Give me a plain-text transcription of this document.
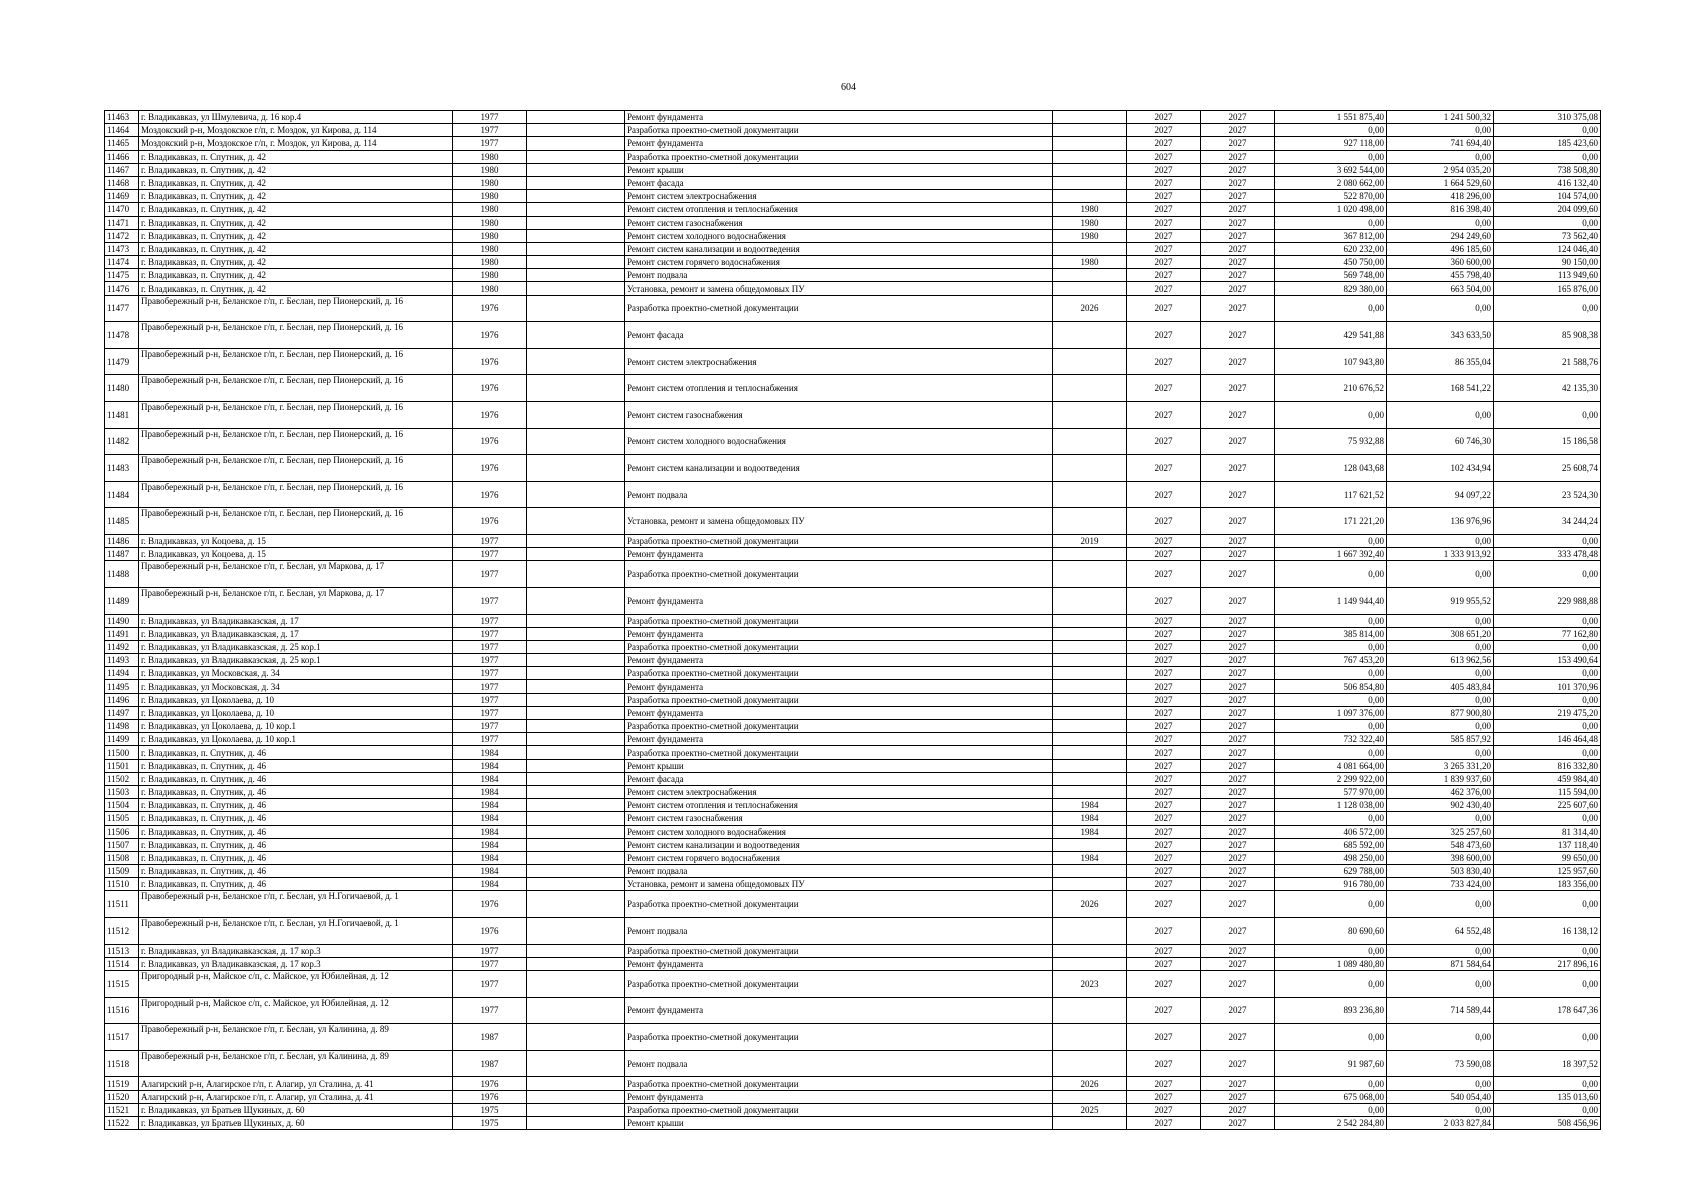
604
11463	г. Владикавказ, ул Шмулевича, д. 16 кор.4	1977		Ремонт фундамента		2027	2027	1 551 875,40	1 241 500,32	310 375,08
11464	Моздокский р-н, Моздокское г/п, г. Моздок, ул Кирова, д. 114	1977		Разработка проектно-сметной документации		2027	2027	0,00	0,00	0,00
11465	Моздокский р-н, Моздокское г/п, г. Моздок, ул Кирова, д. 114	1977		Ремонт фундамента		2027	2027	927 118,00	741 694,40	185 423,60
11466	г. Владикавказ, п. Спутник, д. 42	1980		Разработка проектно-сметной документации		2027	2027	0,00	0,00	0,00
11467	г. Владикавказ, п. Спутник, д. 42	1980		Ремонт крыши		2027	2027	3 692 544,00	2 954 035,20	738 508,80
11468	г. Владикавказ, п. Спутник, д. 42	1980		Ремонт фасада		2027	2027	2 080 662,00	1 664 529,60	416 132,40
11469	г. Владикавказ, п. Спутник, д. 42	1980		Ремонт систем электроснабжения		2027	2027	522 870,00	418 296,00	104 574,00
11470	г. Владикавказ, п. Спутник, д. 42	1980		Ремонт систем отопления и теплоснабжения	1980	2027	2027	1 020 498,00	816 398,40	204 099,60
11471	г. Владикавказ, п. Спутник, д. 42	1980		Ремонт систем газоснабжения	1980	2027	2027	0,00	0,00	0,00
11472	г. Владикавказ, п. Спутник, д. 42	1980		Ремонт систем холодного водоснабжения	1980	2027	2027	367 812,00	294 249,60	73 562,40
11473	г. Владикавказ, п. Спутник, д. 42	1980		Ремонт систем канализации и водоотведения		2027	2027	620 232,00	496 185,60	124 046,40
11474	г. Владикавказ, п. Спутник, д. 42	1980		Ремонт систем горячего водоснабжения	1980	2027	2027	450 750,00	360 600,00	90 150,00
11475	г. Владикавказ, п. Спутник, д. 42	1980		Ремонт подвала		2027	2027	569 748,00	455 798,40	113 949,60
11476	г. Владикавказ, п. Спутник, д. 42	1980		Установка, ремонт и замена общедомовых ПУ		2027	2027	829 380,00	663 504,00	165 876,00
11477	Правобережный р-н, Беланское г/п, г. Беслан, пер Пионерский, д. 16	1976		Разработка проектно-сметной документации	2026	2027	2027	0,00	0,00	0,00
11478	Правобережный р-н, Беланское г/п, г. Беслан, пер Пионерский, д. 16	1976		Ремонт фасада		2027	2027	429 541,88	343 633,50	85 908,38
11479	Правобережный р-н, Беланское г/п, г. Беслан, пер Пионерский, д. 16	1976		Ремонт систем электроснабжения		2027	2027	107 943,80	86 355,04	21 588,76
11480	Правобережный р-н, Беланское г/п, г. Беслан, пер Пионерский, д. 16	1976		Ремонт систем отопления и теплоснабжения		2027	2027	210 676,52	168 541,22	42 135,30
11481	Правобережный р-н, Беланское г/п, г. Беслан, пер Пионерский, д. 16	1976		Ремонт систем газоснабжения		2027	2027	0,00	0,00	0,00
11482	Правобережный р-н, Беланское г/п, г. Беслан, пер Пионерский, д. 16	1976		Ремонт систем холодного водоснабжения		2027	2027	75 932,88	60 746,30	15 186,58
11483	Правобережный р-н, Беланское г/п, г. Беслан, пер Пионерский, д. 16	1976		Ремонт систем канализации и водоотведения		2027	2027	128 043,68	102 434,94	25 608,74
11484	Правобережный р-н, Беланское г/п, г. Беслан, пер Пионерский, д. 16	1976		Ремонт подвала		2027	2027	117 621,52	94 097,22	23 524,30
11485	Правобережный р-н, Беланское г/п, г. Беслан, пер Пионерский, д. 16	1976		Установка, ремонт и замена общедомовых ПУ		2027	2027	171 221,20	136 976,96	34 244,24
11486	г. Владикавказ, ул Коцоева, д. 15	1977		Разработка проектно-сметной документации	2019	2027	2027	0,00	0,00	0,00
11487	г. Владикавказ, ул Коцоева, д. 15	1977		Ремонт фундамента		2027	2027	1 667 392,40	1 333 913,92	333 478,48
11488	Правобережный р-н, Беланское г/п, г. Беслан, ул Маркова, д. 17	1977		Разработка проектно-сметной документации		2027	2027	0,00	0,00	0,00
11489	Правобережный р-н, Беланское г/п, г. Беслан, ул Маркова, д. 17	1977		Ремонт фундамента		2027	2027	1 149 944,40	919 955,52	229 988,88
11490	г. Владикавказ, ул Владикавказская, д. 17	1977		Разработка проектно-сметной документации		2027	2027	0,00	0,00	0,00
11491	г. Владикавказ, ул Владикавказская, д. 17	1977		Ремонт фундамента		2027	2027	385 814,00	308 651,20	77 162,80
11492	г. Владикавказ, ул Владикавказская, д. 25 кор.1	1977		Разработка проектно-сметной документации		2027	2027	0,00	0,00	0,00
11493	г. Владикавказ, ул Владикавказская, д. 25 кор.1	1977		Ремонт фундамента		2027	2027	767 453,20	613 962,56	153 490,64
11494	г. Владикавказ, ул Московская, д. 34	1977		Разработка проектно-сметной документации		2027	2027	0,00	0,00	0,00
11495	г. Владикавказ, ул Московская, д. 34	1977		Ремонт фундамента		2027	2027	506 854,80	405 483,84	101 370,96
11496	г. Владикавказ, ул Цоколаева, д. 10	1977		Разработка проектно-сметной документации		2027	2027	0,00	0,00	0,00
11497	г. Владикавказ, ул Цоколаева, д. 10	1977		Ремонт фундамента		2027	2027	1 097 376,00	877 900,80	219 475,20
11498	г. Владикавказ, ул Цоколаева, д. 10 кор.1	1977		Разработка проектно-сметной документации		2027	2027	0,00	0,00	0,00
11499	г. Владикавказ, ул Цоколаева, д. 10 кор.1	1977		Ремонт фундамента		2027	2027	732 322,40	585 857,92	146 464,48
11500	г. Владикавказ, п. Спутник, д. 46	1984		Разработка проектно-сметной документации		2027	2027	0,00	0,00	0,00
11501	г. Владикавказ, п. Спутник, д. 46	1984		Ремонт крыши		2027	2027	4 081 664,00	3 265 331,20	816 332,80
11502	г. Владикавказ, п. Спутник, д. 46	1984		Ремонт фасада		2027	2027	2 299 922,00	1 839 937,60	459 984,40
11503	г. Владикавказ, п. Спутник, д. 46	1984		Ремонт систем электроснабжения		2027	2027	577 970,00	462 376,00	115 594,00
11504	г. Владикавказ, п. Спутник, д. 46	1984		Ремонт систем отопления и теплоснабжения	1984	2027	2027	1 128 038,00	902 430,40	225 607,60
11505	г. Владикавказ, п. Спутник, д. 46	1984		Ремонт систем газоснабжения	1984	2027	2027	0,00	0,00	0,00
11506	г. Владикавказ, п. Спутник, д. 46	1984		Ремонт систем холодного водоснабжения	1984	2027	2027	406 572,00	325 257,60	81 314,40
11507	г. Владикавказ, п. Спутник, д. 46	1984		Ремонт систем канализации и водоотведения		2027	2027	685 592,00	548 473,60	137 118,40
11508	г. Владикавказ, п. Спутник, д. 46	1984		Ремонт систем горячего водоснабжения	1984	2027	2027	498 250,00	398 600,00	99 650,00
11509	г. Владикавказ, п. Спутник, д. 46	1984		Ремонт подвала		2027	2027	629 788,00	503 830,40	125 957,60
11510	г. Владикавказ, п. Спутник, д. 46	1984		Установка, ремонт и замена общедомовых ПУ		2027	2027	916 780,00	733 424,00	183 356,00
11511	Правобережный р-н, Беланское г/п, г. Беслан, ул Н.Гогичаевой, д. 1	1976		Разработка проектно-сметной документации	2026	2027	2027	0,00	0,00	0,00
11512	Правобережный р-н, Беланское г/п, г. Беслан, ул Н.Гогичаевой, д. 1	1976		Ремонт подвала		2027	2027	80 690,60	64 552,48	16 138,12
11513	г. Владикавказ, ул Владикавказская, д. 17 кор.3	1977		Разработка проектно-сметной документации		2027	2027	0,00	0,00	0,00
11514	г. Владикавказ, ул Владикавказская, д. 17 кор.3	1977		Ремонт фундамента		2027	2027	1 089 480,80	871 584,64	217 896,16
11515	Пригородный р-н, Майское с/п, с. Майское, ул Юбилейная, д. 12	1977		Разработка проектно-сметной документации	2023	2027	2027	0,00	0,00	0,00
11516	Пригородный р-н, Майское с/п, с. Майское, ул Юбилейная, д. 12	1977		Ремонт фундамента		2027	2027	893 236,80	714 589,44	178 647,36
11517	Правобережный р-н, Беланское г/п, г. Беслан, ул Калинина, д. 89	1987		Разработка проектно-сметной документации		2027	2027	0,00	0,00	0,00
11518	Правобережный р-н, Беланское г/п, г. Беслан, ул Калинина, д. 89	1987		Ремонт подвала		2027	2027	91 987,60	73 590,08	18 397,52
11519	Алагирский р-н, Алагирское г/п, г. Алагир, ул Сталина, д. 41	1976		Разработка проектно-сметной документации	2026	2027	2027	0,00	0,00	0,00
11520	Алагирский р-н, Алагирское г/п, г. Алагир, ул Сталина, д. 41	1976		Ремонт фундамента		2027	2027	675 068,00	540 054,40	135 013,60
11521	г. Владикавказ, ул Братьев Щукиных, д. 60	1975		Разработка проектно-сметной документации	2025	2027	2027	0,00	0,00	0,00
11522	г. Владикавказ, ул Братьев Щукиных, д. 60	1975		Ремонт крыши		2027	2027	2 542 284,80	2 033 827,84	508 456,96
